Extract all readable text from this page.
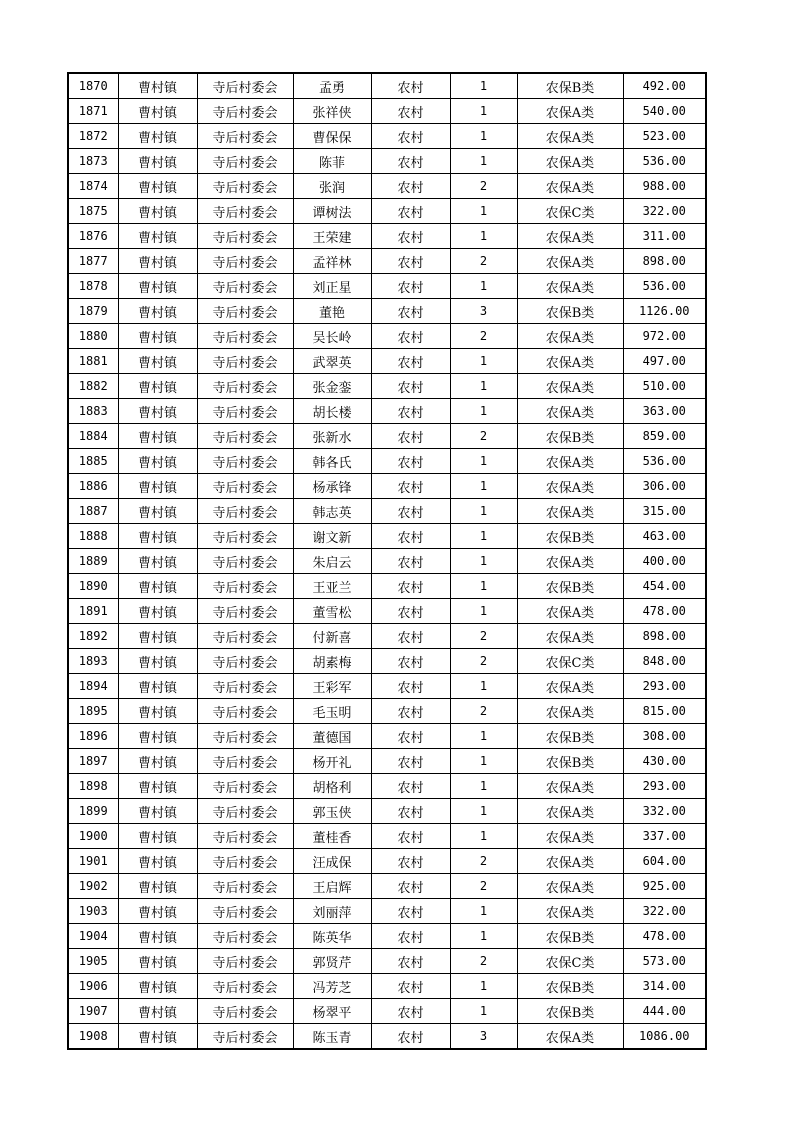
1870	曹村镇	寺后村委会	孟勇	农村	1	农保B类	492.00
1871	曹村镇	寺后村委会	张祥侠	农村	1	农保A类	540.00
1872	曹村镇	寺后村委会	曹保保	农村	1	农保A类	523.00
1873	曹村镇	寺后村委会	陈菲	农村	1	农保A类	536.00
1874	曹村镇	寺后村委会	张润	农村	2	农保A类	988.00
1875	曹村镇	寺后村委会	谭树法	农村	1	农保C类	322.00
1876	曹村镇	寺后村委会	王荣建	农村	1	农保A类	311.00
1877	曹村镇	寺后村委会	孟祥林	农村	2	农保A类	898.00
1878	曹村镇	寺后村委会	刘正星	农村	1	农保A类	536.00
1879	曹村镇	寺后村委会	董艳	农村	3	农保B类	1126.00
1880	曹村镇	寺后村委会	吴长岭	农村	2	农保A类	972.00
1881	曹村镇	寺后村委会	武翠英	农村	1	农保A类	497.00
1882	曹村镇	寺后村委会	张金銮	农村	1	农保A类	510.00
1883	曹村镇	寺后村委会	胡长楼	农村	1	农保A类	363.00
1884	曹村镇	寺后村委会	张新水	农村	2	农保B类	859.00
1885	曹村镇	寺后村委会	韩各氏	农村	1	农保A类	536.00
1886	曹村镇	寺后村委会	杨承锋	农村	1	农保A类	306.00
1887	曹村镇	寺后村委会	韩志英	农村	1	农保A类	315.00
1888	曹村镇	寺后村委会	谢文新	农村	1	农保B类	463.00
1889	曹村镇	寺后村委会	朱启云	农村	1	农保A类	400.00
1890	曹村镇	寺后村委会	王亚兰	农村	1	农保B类	454.00
1891	曹村镇	寺后村委会	董雪松	农村	1	农保A类	478.00
1892	曹村镇	寺后村委会	付新喜	农村	2	农保A类	898.00
1893	曹村镇	寺后村委会	胡素梅	农村	2	农保C类	848.00
1894	曹村镇	寺后村委会	王彩军	农村	1	农保A类	293.00
1895	曹村镇	寺后村委会	毛玉明	农村	2	农保A类	815.00
1896	曹村镇	寺后村委会	董德国	农村	1	农保B类	308.00
1897	曹村镇	寺后村委会	杨开礼	农村	1	农保B类	430.00
1898	曹村镇	寺后村委会	胡格利	农村	1	农保A类	293.00
1899	曹村镇	寺后村委会	郭玉侠	农村	1	农保A类	332.00
1900	曹村镇	寺后村委会	董桂香	农村	1	农保A类	337.00
1901	曹村镇	寺后村委会	汪成保	农村	2	农保A类	604.00
1902	曹村镇	寺后村委会	王启辉	农村	2	农保A类	925.00
1903	曹村镇	寺后村委会	刘丽萍	农村	1	农保A类	322.00
1904	曹村镇	寺后村委会	陈英华	农村	1	农保B类	478.00
1905	曹村镇	寺后村委会	郭贤芹	农村	2	农保C类	573.00
1906	曹村镇	寺后村委会	冯芳芝	农村	1	农保B类	314.00
1907	曹村镇	寺后村委会	杨翠平	农村	1	农保B类	444.00
1908	曹村镇	寺后村委会	陈玉青	农村	3	农保A类	1086.00
